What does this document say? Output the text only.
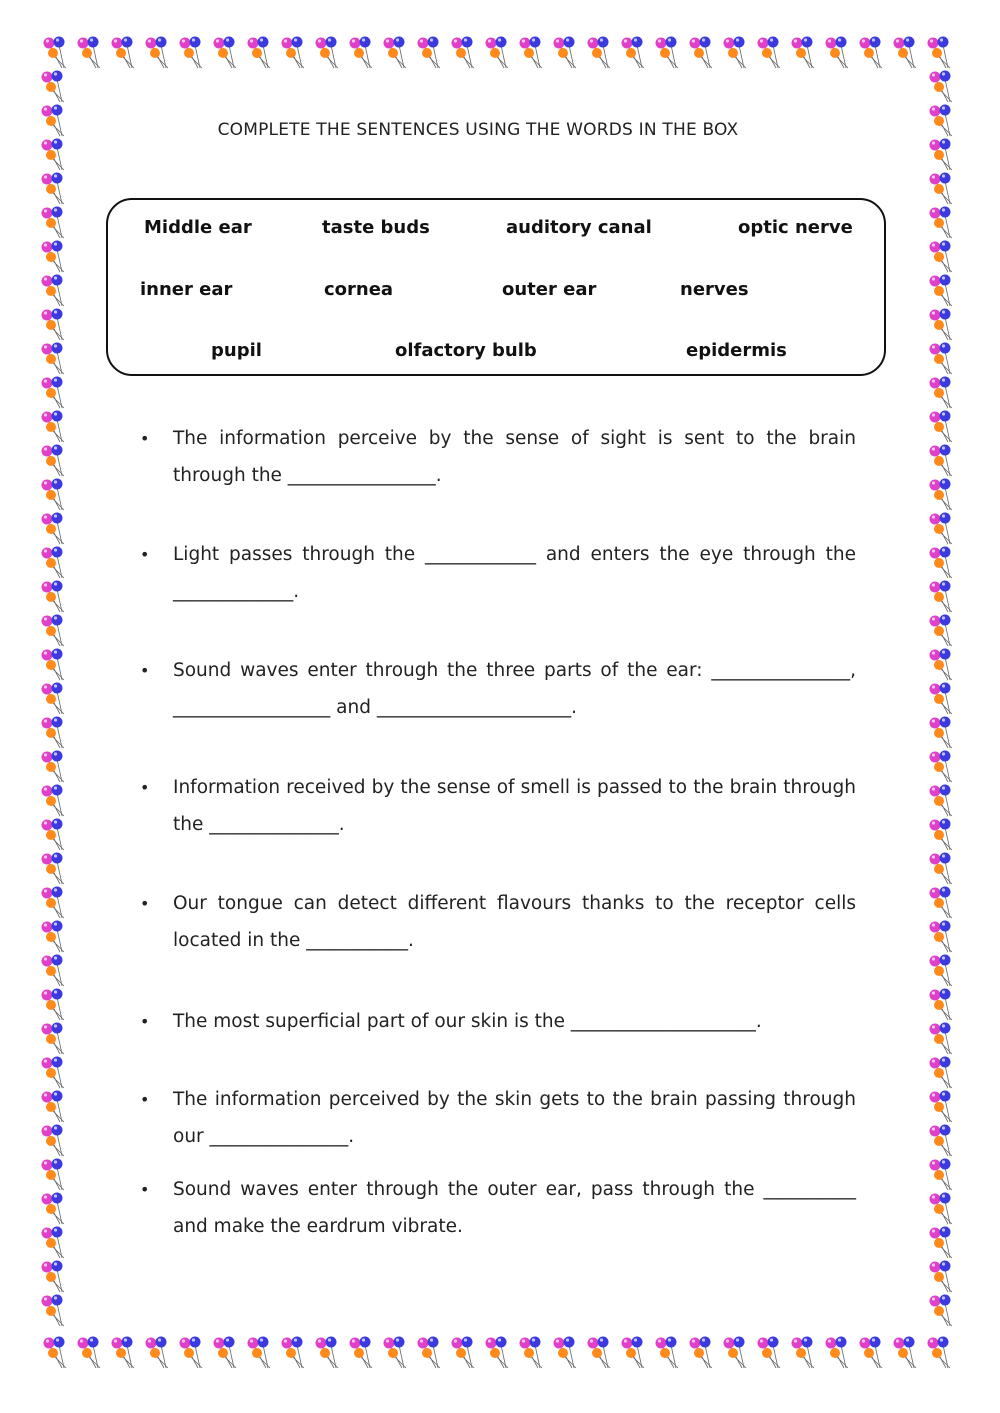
COMPLETE THE SENTENCES USING THE WORDS IN THE BOX
Middle ear	taste buds	auditory canal	optic nerve
inner ear	cornea	outer ear	nerves
pupil	olfactory bulb	epidermis
• The information perceive by the sense of sight is sent to the brain through the ________________.
• Light passes through the ____________ and enters the eye through the _____________.
• Sound waves enter through the three parts of the ear: _______________, _________________ and _____________________.
• Information received by the sense of smell is passed to the brain through the ______________.
• Our tongue can detect different flavours thanks to the receptor cells located in the ___________.
• The most superficial part of our skin is the ____________________.
• The information perceived by the skin gets to the brain passing through our _______________.
• Sound waves enter through the outer ear, pass through the __________ and make the eardrum vibrate.
